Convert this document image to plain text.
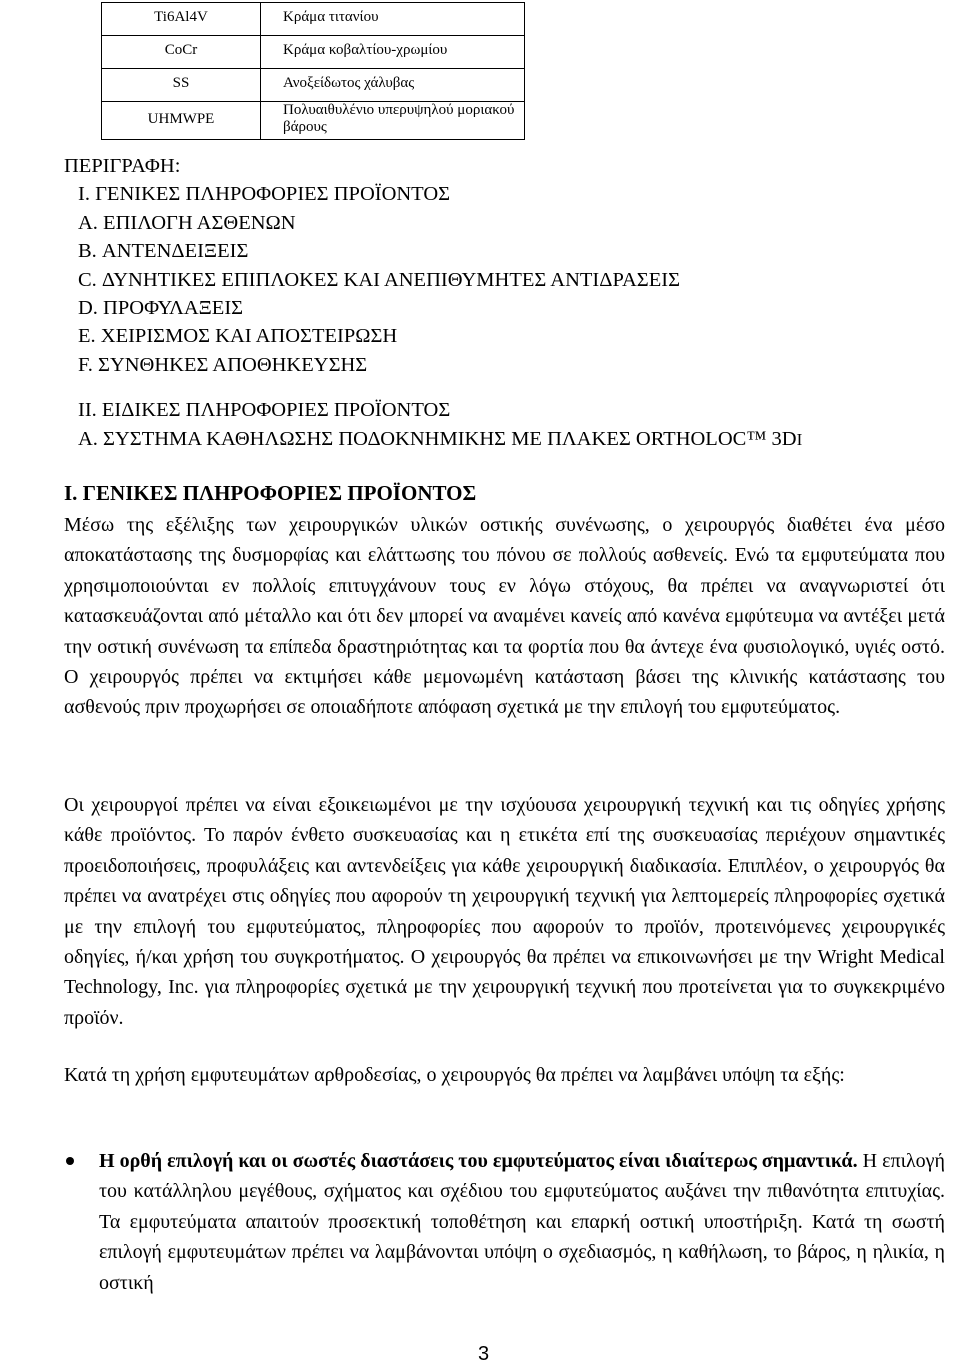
Ti6Al4V	Κράμα τιτανίου
CoCr	Κράμα κοβαλτίου-χρωμίου
SS	Ανοξείδωτος χάλυβας
UHMWPE	Πολυαιθυλένιο υπερυψηλού μοριακού βάρους
ΠΕΡΙΓΡΑΦΗ:
I. ΓΕΝΙΚΕΣ ΠΛΗΡΟΦΟΡΙΕΣ ΠΡΟΪΟΝΤΟΣ
A. ΕΠΙΛΟΓΗ ΑΣΘΕΝΩΝ
B. ΑΝΤΕΝΔΕΙΞΕΙΣ
C. ΔΥΝΗΤΙΚΕΣ ΕΠΙΠΛΟΚΕΣ ΚΑΙ ΑΝΕΠΙΘΥΜΗΤΕΣ ΑΝΤΙΔΡΑΣΕΙΣ
D. ΠΡΟΦΥΛΑΞΕΙΣ
E. ΧΕΙΡΙΣΜΟΣ ΚΑΙ ΑΠΟΣΤΕΙΡΩΣΗ
F. ΣΥΝΘΗΚΕΣ ΑΠΟΘΗΚΕΥΣΗΣ
II. ΕΙΔΙΚΕΣ ΠΛΗΡΟΦΟΡΙΕΣ ΠΡΟΪΟΝΤΟΣ
A. ΣΥΣΤΗΜΑ ΚΑΘΗΛΩΣΗΣ ΠΟΔΟΚΝΗΜΙΚΗΣ ΜΕ ΠΛΑΚΕΣ ORTHOLOC™ 3DI
I. ΓΕΝΙΚΕΣ ΠΛΗΡΟΦΟΡΙΕΣ ΠΡΟΪΟΝΤΟΣ

Μέσω της εξέλιξης των χειρουργικών υλικών οστικής συνένωσης, ο χειρουργός διαθέτει ένα μέσο αποκατάστασης της δυσμορφίας και ελάττωσης του πόνου σε πολλούς ασθενείς. Ενώ τα εμφυτεύματα που χρησιμοποιούνται εν πολλοίς επιτυγχάνουν τους εν λόγω στόχους, θα πρέπει να αναγνωριστεί ότι κατασκευάζονται από μέταλλο και ότι δεν μπορεί να αναμένει κανείς από κανένα εμφύτευμα να αντέξει μετά την οστική συνένωση τα επίπεδα δραστηριότητας και τα φορτία που θα άντεχε ένα φυσιολογικό, υγιές οστό. Ο χειρουργός πρέπει να εκτιμήσει κάθε μεμονωμένη κατάσταση βάσει της κλινικής κατάστασης του ασθενούς πριν προχωρήσει σε οποιαδήποτε απόφαση σχετικά με την επιλογή του εμφυτεύματος.

Οι χειρουργοί πρέπει να είναι εξοικειωμένοι με την ισχύουσα χειρουργική τεχνική και τις οδηγίες χρήσης κάθε προϊόντος. Το παρόν ένθετο συσκευασίας και η ετικέτα επί της συσκευασίας περιέχουν σημαντικές προειδοποιήσεις, προφυλάξεις και αντενδείξεις για κάθε χειρουργική διαδικασία. Επιπλέον, ο χειρουργός θα πρέπει να ανατρέχει στις οδηγίες που αφορούν τη χειρουργική τεχνική για λεπτομερείς πληροφορίες σχετικά με την επιλογή του εμφυτεύματος, πληροφορίες που αφορούν το προϊόν, προτεινόμενες χειρουργικές οδηγίες, ή/και χρήση του συγκροτήματος. Ο χειρουργός θα πρέπει να επικοινωνήσει με την Wright Medical Technology, Inc. για πληροφορίες σχετικά με την χειρουργική τεχνική που προτείνεται για το συγκεκριμένο προϊόν.

Κατά τη χρήση εμφυτευμάτων αρθροδεσίας, ο χειρουργός θα πρέπει να λαμβάνει υπόψη τα εξής:

Η ορθή επιλογή και οι σωστές διαστάσεις του εμφυτεύματος είναι ιδιαίτερως σημαντικά. Η επιλογή του κατάλληλου μεγέθους, σχήματος και σχέδιου του εμφυτεύματος αυξάνει την πιθανότητα επιτυχίας. Τα εμφυτεύματα απαιτούν προσεκτική τοποθέτηση και επαρκή οστική υποστήριξη. Κατά τη σωστή επιλογή εμφυτευμάτων πρέπει να λαμβάνονται υπόψη ο σχεδιασμός, η καθήλωση, το βάρος, η ηλικία, η οστική
3
